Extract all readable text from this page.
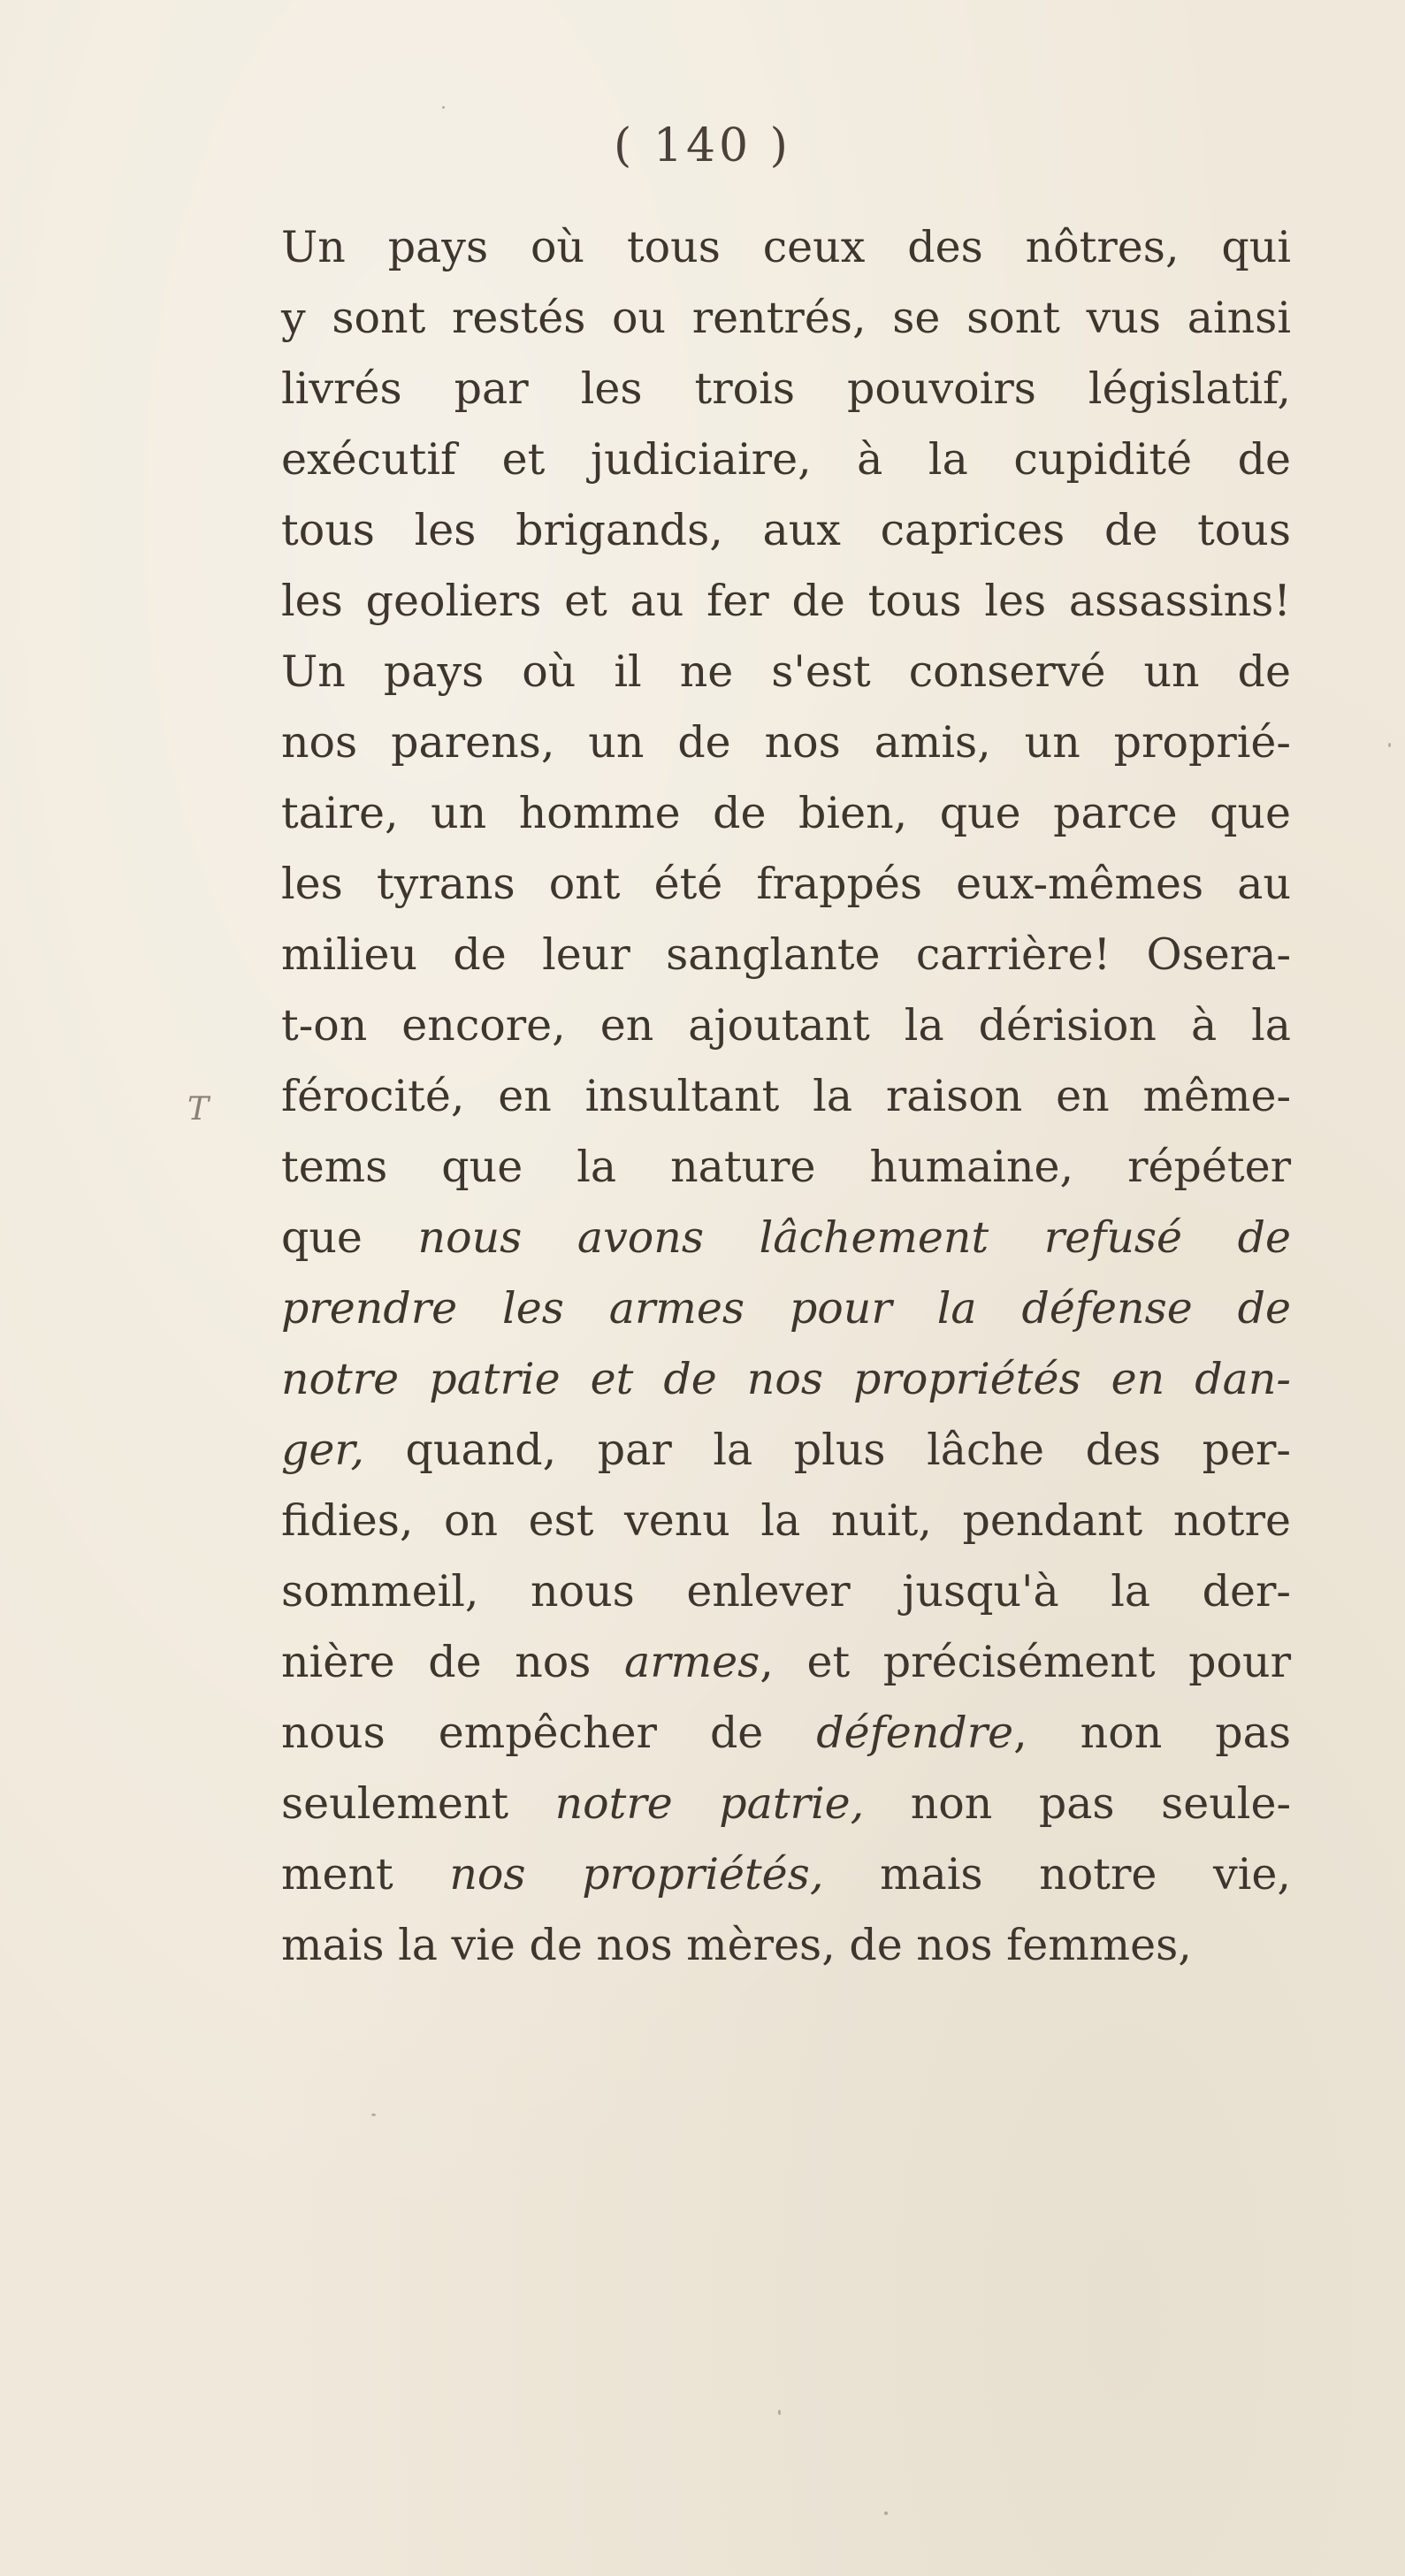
( 140 )
T
Un pays où tous ceux des nôtres, qui
y sont restés ou rentrés, se sont vus ainsi
livrés par les trois pouvoirs législatif,
exécutif et judiciaire, à la cupidité de
tous les brigands, aux caprices de tous
les geoliers et au fer de tous les assassins!
Un pays où il ne s'est conservé un de
nos parens, un de nos amis, un proprié-
taire, un homme de bien, que parce que
les tyrans ont été frappés eux-mêmes au
milieu de leur sanglante carrière! Osera-
t-on encore, en ajoutant la dérision à la
férocité, en insultant la raison en même-
tems que la nature humaine, répéter
que nous avons lâchement refusé de
prendre les armes pour la défense de
notre patrie et de nos propriétés en dan-
ger, quand, par la plus lâche des per-
fidies, on est venu la nuit, pendant notre
sommeil, nous enlever jusqu'à la der-
nière de nos armes, et précisément pour
nous empêcher de défendre, non pas
seulement notre patrie, non pas seule-
ment nos propriétés, mais notre vie,
mais la vie de nos mères, de nos femmes,
